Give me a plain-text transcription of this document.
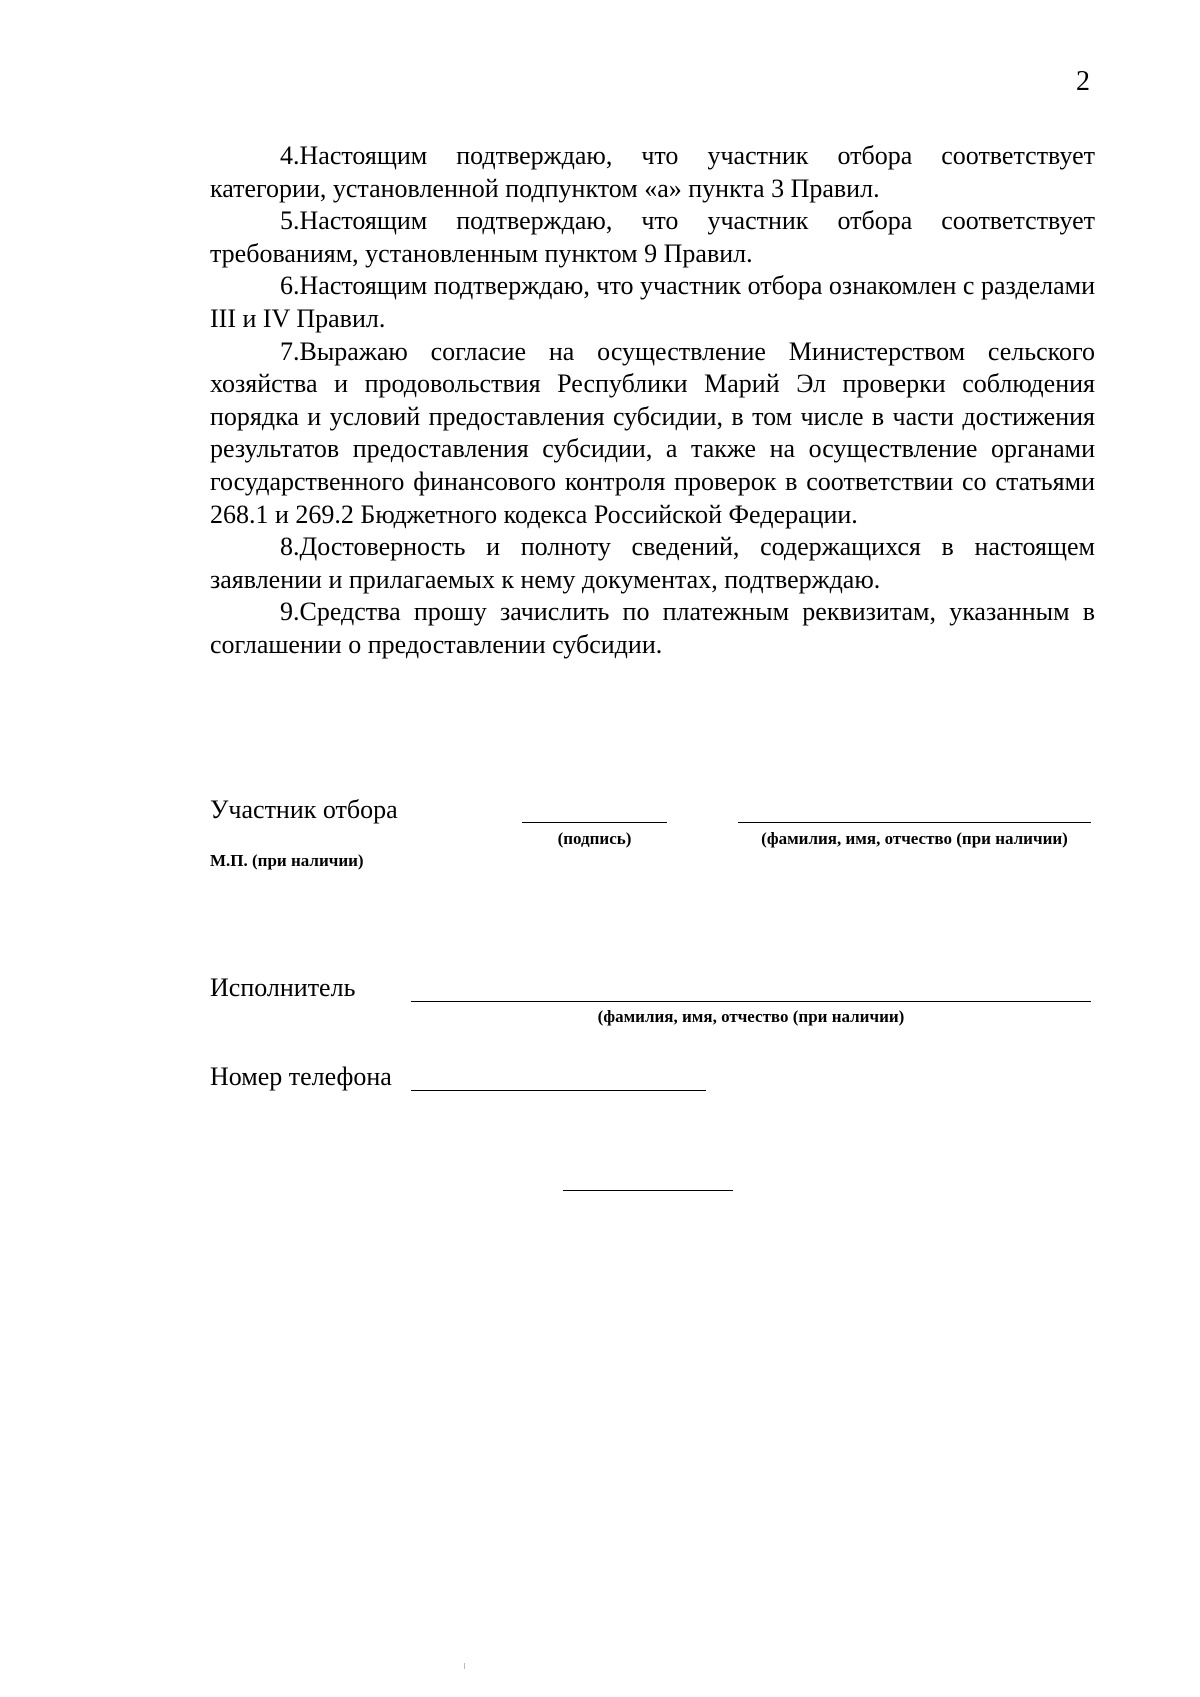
2

4.Настоящим подтверждаю, что участник отбора соответствует категории, установленной подпунктом «а» пункта 3 Правил.

5.Настоящим подтверждаю, что участник отбора соответствует требованиям, установленным пунктом 9 Правил.

6.Настоящим подтверждаю, что участник отбора ознакомлен с разделами III и IV Правил.

7.Выражаю согласие на осуществление Министерством сельского хозяйства и продовольствия Республики Марий Эл проверки соблюдения порядка и условий предоставления субсидии, в том числе в части достижения результатов предоставления субсидии, а также на осуществление органами государственного финансового контроля проверок в соответствии со статьями 268.1 и 269.2 Бюджетного кодекса Российской Федерации.

8.Достоверность и полноту сведений, содержащихся в настоящем заявлении и прилагаемых к нему документах, подтверждаю.

9.Средства прошу зачислить по платежным реквизитам, указанным в соглашении о предоставлении субсидии.

Участник отбора
(подпись)	(фамилия, имя, отчество (при наличии)
М.П. (при наличии)
Исполнитель
(фамилия, имя, отчество (при наличии)
Номер телефона
